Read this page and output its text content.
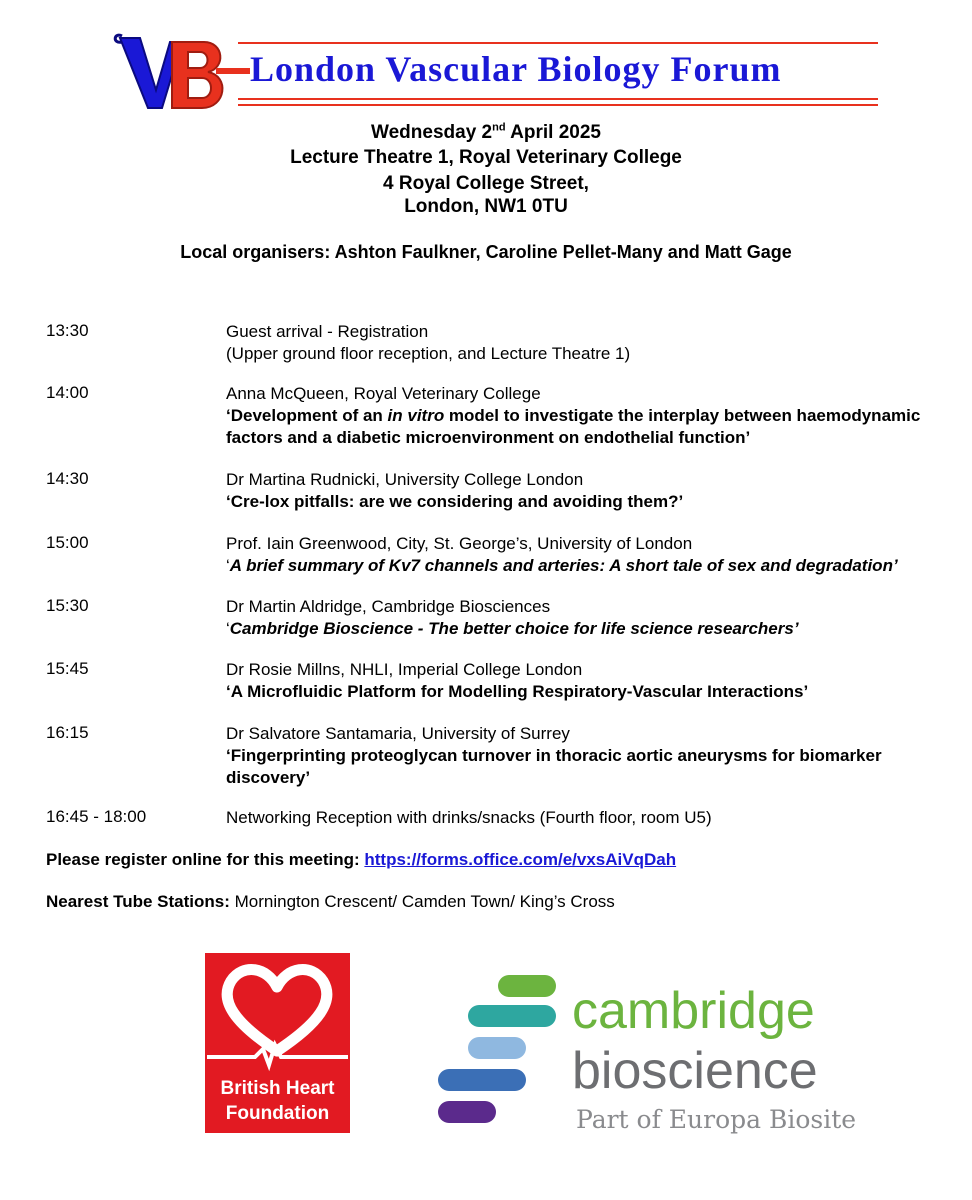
London Vascular Biology Forum
Wednesday 2nd April 2025
Lecture Theatre 1, Royal Veterinary College
4 Royal College Street,
London, NW1 0TU
Local organisers: Ashton Faulkner, Caroline Pellet-Many and Matt Gage
13:30	Guest arrival - Registration
(Upper ground floor reception, and Lecture Theatre 1)
14:00	Anna McQueen, Royal Veterinary College
‘Development of an in vitro model to investigate the interplay between haemodynamic factors and a diabetic microenvironment on endothelial function’
14:30	Dr Martina Rudnicki, University College London
‘Cre-lox pitfalls: are we considering and avoiding them?’
15:00	Prof. Iain Greenwood, City, St. George’s, University of London
‘A brief summary of Kv7 channels and arteries: A short tale of sex and degradation’
15:30	Dr Martin Aldridge, Cambridge Biosciences
‘Cambridge Bioscience - The better choice for life science researchers’
15:45	Dr Rosie Millns, NHLI, Imperial College London
‘A Microfluidic Platform for Modelling Respiratory-Vascular Interactions’
16:15	Dr Salvatore Santamaria, University of Surrey
‘Fingerprinting proteoglycan turnover in thoracic aortic aneurysms for biomarker discovery’
16:45 - 18:00	Networking Reception with drinks/snacks (Fourth floor, room U5)
Please register online for this meeting: https://forms.office.com/e/vxsAiVqDah
Nearest Tube Stations: Mornington Crescent/ Camden Town/ King’s Cross
British Heart
Foundation
cambridge
bioscience
Part of Europa Biosite
